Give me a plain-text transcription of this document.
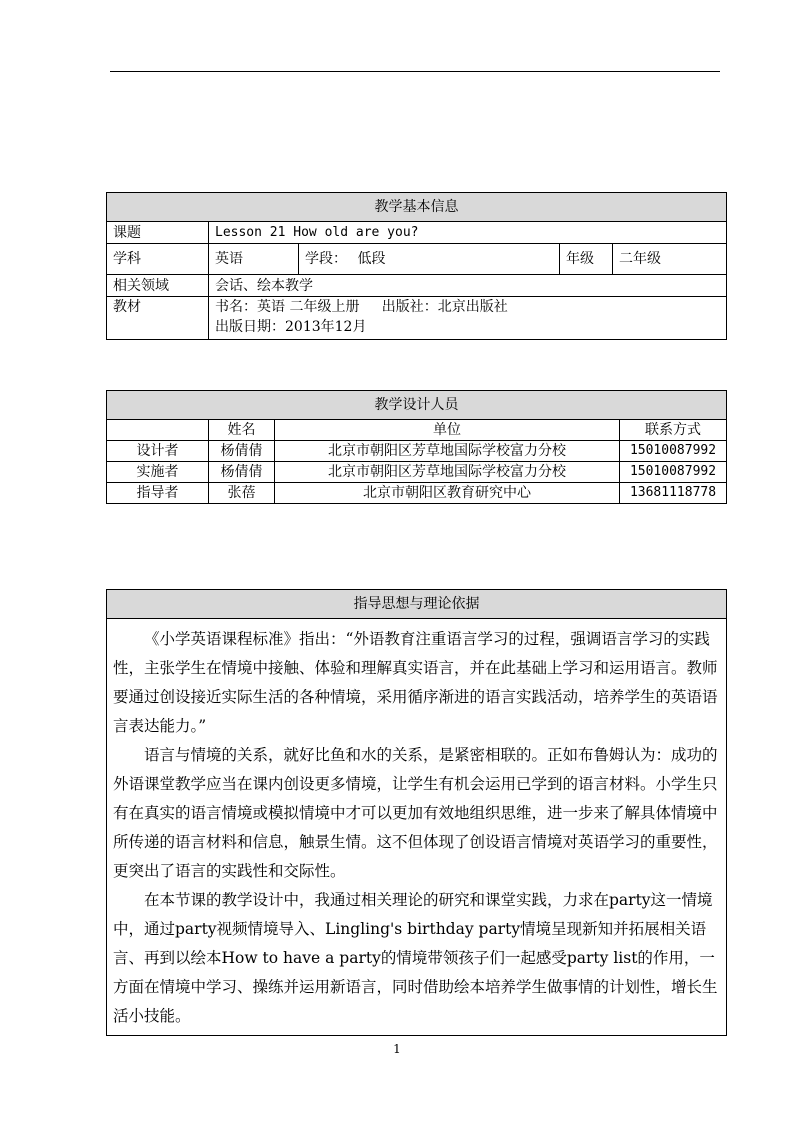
教学基本信息				
课题	Lesson 21 How old are you?			
学科	英语	学段： 低段	年级	二年级
相关领域	会话、绘本教学			
教材	书名：英语 二年级上册     出版社：北京出版社
出版日期：2013年12月			
教学设计人员			
	姓名	单位	联系方式
设计者	杨倩倩	北京市朝阳区芳草地国际学校富力分校	15010087992
实施者	杨倩倩	北京市朝阳区芳草地国际学校富力分校	15010087992
指导者	张蓓	北京市朝阳区教育研究中心	13681118778
指导思想与理论依据

《小学英语课程标准》指出：“外语教育注重语言学习的过程，强调语言学习的实践性，主张学生在情境中接触、体验和理解真实语言，并在此基础上学习和运用语言。教师要通过创设接近实际生活的各种情境，采用循序渐进的语言实践活动，培养学生的英语语言表达能力。”

语言与情境的关系，就好比鱼和水的关系，是紧密相联的。正如布鲁姆认为：成功的外语课堂教学应当在课内创设更多情境，让学生有机会运用已学到的语言材料。小学生只有在真实的语言情境或模拟情境中才可以更加有效地组织思维，进一步来了解具体情境中所传递的语言材料和信息，触景生情。这不但体现了创设语言情境对英语学习的重要性，更突出了语言的实践性和交际性。

在本节课的教学设计中，我通过相关理论的研究和课堂实践，力求在party这一情境中，通过party视频情境导入、Lingling's birthday party情境呈现新知并拓展相关语言、再到以绘本How to have a party的情境带领孩子们一起感受party list的作用，一方面在情境中学习、操练并运用新语言，同时借助绘本培养学生做事情的计划性，增长生活小技能。

1
